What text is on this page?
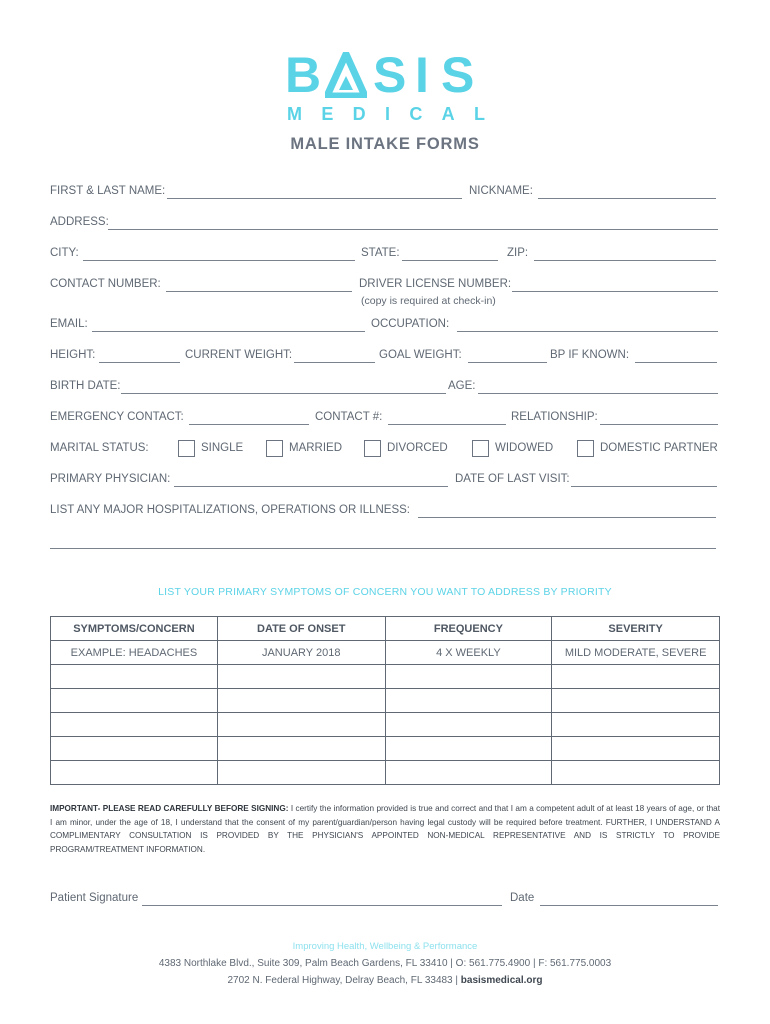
B S I S
M E D I C A L
MALE INTAKE FORMS
FIRST & LAST NAME:	NICKNAME:
ADDRESS:
CITY:	STATE:	ZIP:
CONTACT NUMBER:	DRIVER LICENSE NUMBER:
(copy is required at check-in)
EMAIL:	OCCUPATION:
HEIGHT:	CURRENT WEIGHT:	GOAL WEIGHT:	BP IF KNOWN:
BIRTH DATE:	AGE:
EMERGENCY CONTACT:	CONTACT #:	RELATIONSHIP:
MARITAL STATUS:	SINGLE	MARRIED	DIVORCED	WIDOWED	DOMESTIC PARTNER
PRIMARY PHYSICIAN:	DATE OF LAST VISIT:
LIST ANY MAJOR HOSPITALIZATIONS, OPERATIONS OR ILLNESS:
LIST YOUR PRIMARY SYMPTOMS OF CONCERN YOU WANT TO ADDRESS BY PRIORITY
SYMPTOMS/CONCERN	DATE OF ONSET	FREQUENCY	SEVERITY
EXAMPLE: HEADACHES	JANUARY 2018	4 X WEEKLY	MILD MODERATE, SEVERE

IMPORTANT- PLEASE READ CAREFULLY BEFORE SIGNING: I certify the information provided is true and correct and that I am a competent adult of at least 18 years of age, or that I am minor, under the age of 18, I understand that the consent of my parent/guardian/person having legal custody will be required before treatment. FURTHER, I UNDERSTAND A COMPLIMENTARY CONSULTATION IS PROVIDED BY THE PHYSICIAN'S APPOINTED NON-MEDICAL REPRESENTATIVE AND IS STRICTLY TO PROVIDE PROGRAM/TREATMENT INFORMATION.
Patient Signature	Date
Improving Health, Wellbeing & Performance
4383 Northlake Blvd., Suite 309, Palm Beach Gardens, FL 33410 | O: 561.775.4900 | F: 561.775.0003
2702 N. Federal Highway, Delray Beach, FL 33483 | basismedical.org
